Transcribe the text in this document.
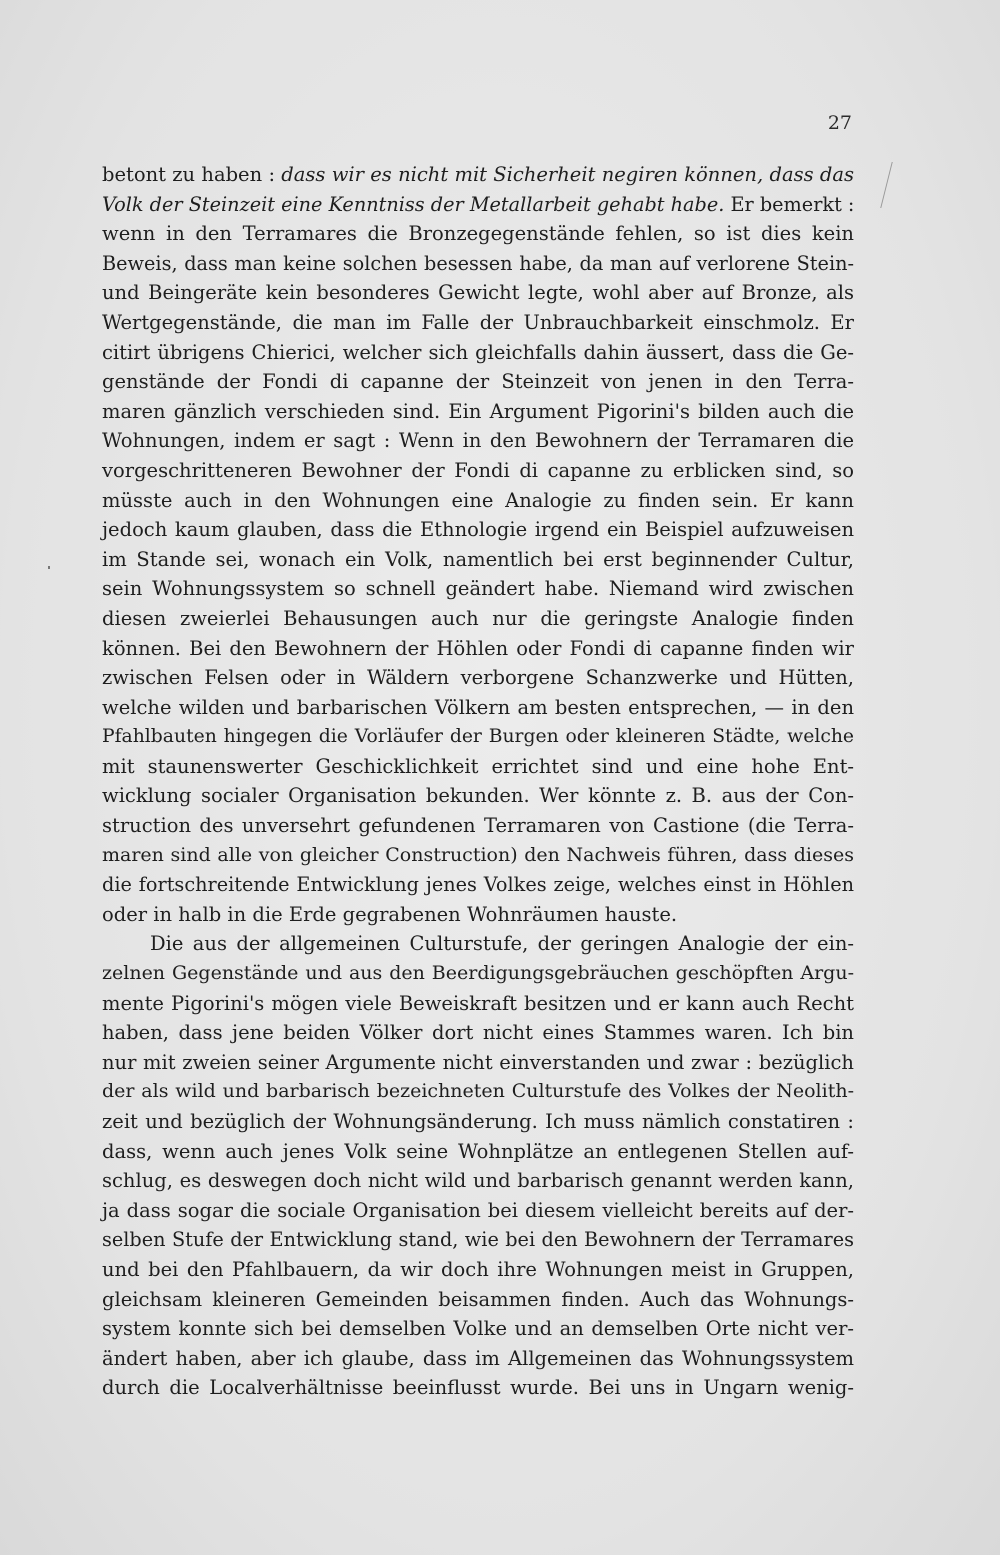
27
betont zu haben : dass wir es nicht mit Sicherheit negiren können, dass das
Volk der Steinzeit eine Kenntniss der Metallarbeit gehabt habe. Er bemerkt :
wenn in den Terramares die Bronzegegenstände fehlen, so ist dies kein
Beweis, dass man keine solchen besessen habe, da man auf verlorene Stein-
und Beingeräte kein besonderes Gewicht legte, wohl aber auf Bronze, als
Wertgegenstände, die man im Falle der Unbrauchbarkeit einschmolz. Er
citirt übrigens Chierici, welcher sich gleichfalls dahin äussert, dass die Ge-
genstände der Fondi di capanne der Steinzeit von jenen in den Terra-
maren gänzlich verschieden sind. Ein Argument Pigorini's bilden auch die
Wohnungen, indem er sagt : Wenn in den Bewohnern der Terramaren die
vorgeschritteneren Bewohner der Fondi di capanne zu erblicken sind, so
müsste auch in den Wohnungen eine Analogie zu finden sein. Er kann
jedoch kaum glauben, dass die Ethnologie irgend ein Beispiel aufzuweisen
im Stande sei, wonach ein Volk, namentlich bei erst beginnender Cultur,
sein Wohnungssystem so schnell geändert habe. Niemand wird zwischen
diesen zweierlei Behausungen auch nur die geringste Analogie finden
können. Bei den Bewohnern der Höhlen oder Fondi di capanne finden wir
zwischen Felsen oder in Wäldern verborgene Schanzwerke und Hütten,
welche wilden und barbarischen Völkern am besten entsprechen, — in den
Pfahlbauten hingegen die Vorläufer der Burgen oder kleineren Städte, welche
mit staunenswerter Geschicklichkeit errichtet sind und eine hohe Ent-
wicklung socialer Organisation bekunden. Wer könnte z. B. aus der Con-
struction des unversehrt gefundenen Terramaren von Castione (die Terra-
maren sind alle von gleicher Construction) den Nachweis führen, dass dieses
die fortschreitende Entwicklung jenes Volkes zeige, welches einst in Höhlen
oder in halb in die Erde gegrabenen Wohnräumen hauste.
Die aus der allgemeinen Culturstufe, der geringen Analogie der ein-
zelnen Gegenstände und aus den Beerdigungsgebräuchen geschöpften Argu-
mente Pigorini's mögen viele Beweiskraft besitzen und er kann auch Recht
haben, dass jene beiden Völker dort nicht eines Stammes waren. Ich bin
nur mit zweien seiner Argumente nicht einverstanden und zwar : bezüglich
der als wild und barbarisch bezeichneten Culturstufe des Volkes der Neolith-
zeit und bezüglich der Wohnungsänderung. Ich muss nämlich constatiren :
dass, wenn auch jenes Volk seine Wohnplätze an entlegenen Stellen auf-
schlug, es deswegen doch nicht wild und barbarisch genannt werden kann,
ja dass sogar die sociale Organisation bei diesem vielleicht bereits auf der-
selben Stufe der Entwicklung stand, wie bei den Bewohnern der Terramares
und bei den Pfahlbauern, da wir doch ihre Wohnungen meist in Gruppen,
gleichsam kleineren Gemeinden beisammen finden. Auch das Wohnungs-
system konnte sich bei demselben Volke und an demselben Orte nicht ver-
ändert haben, aber ich glaube, dass im Allgemeinen das Wohnungssystem
durch die Localverhältnisse beeinflusst wurde. Bei uns in Ungarn wenig-
